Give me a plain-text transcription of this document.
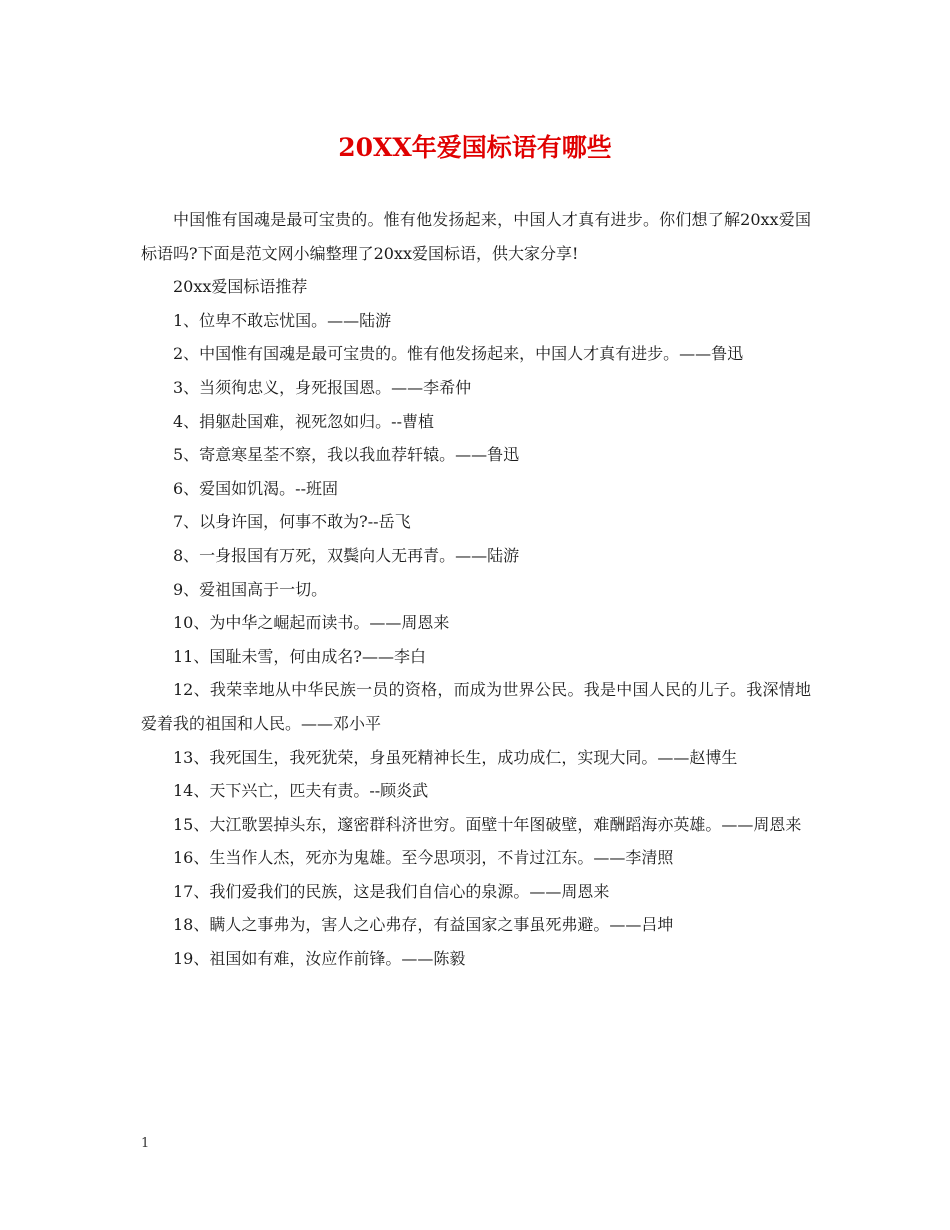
20XX年爱国标语有哪些

中国惟有国魂是最可宝贵的。惟有他发扬起来，中国人才真有进步。你们想了解20xx爱国标语吗?下面是范文网小编整理了20xx爱国标语，供大家分享!

20xx爱国标语推荐

1、位卑不敢忘忧国。——陆游

2、中国惟有国魂是最可宝贵的。惟有他发扬起来，中国人才真有进步。——鲁迅

3、当须徇忠义，身死报国恩。——李希仲

4、捐躯赴国难，视死忽如归。--曹植

5、寄意寒星荃不察，我以我血荐轩辕。——鲁迅

6、爱国如饥渴。--班固

7、以身许国，何事不敢为?--岳飞

8、一身报国有万死，双鬓向人无再青。——陆游

9、爱祖国高于一切。

10、为中华之崛起而读书。——周恩来

11、国耻未雪，何由成名?——李白

12、我荣幸地从中华民族一员的资格，而成为世界公民。我是中国人民的儿子。我深情地爱着我的祖国和人民。——邓小平

13、我死国生，我死犹荣，身虽死精神长生，成功成仁，实现大同。——赵博生

14、天下兴亡，匹夫有责。--顾炎武

15、大江歌罢掉头东，邃密群科济世穷。面壁十年图破壁，难酬蹈海亦英雄。——周恩来

16、生当作人杰，死亦为鬼雄。至今思项羽，不肯过江东。——李清照

17、我们爱我们的民族，这是我们自信心的泉源。——周恩来

18、瞒人之事弗为，害人之心弗存，有益国家之事虽死弗避。——吕坤

19、祖国如有难，汝应作前锋。——陈毅

1
